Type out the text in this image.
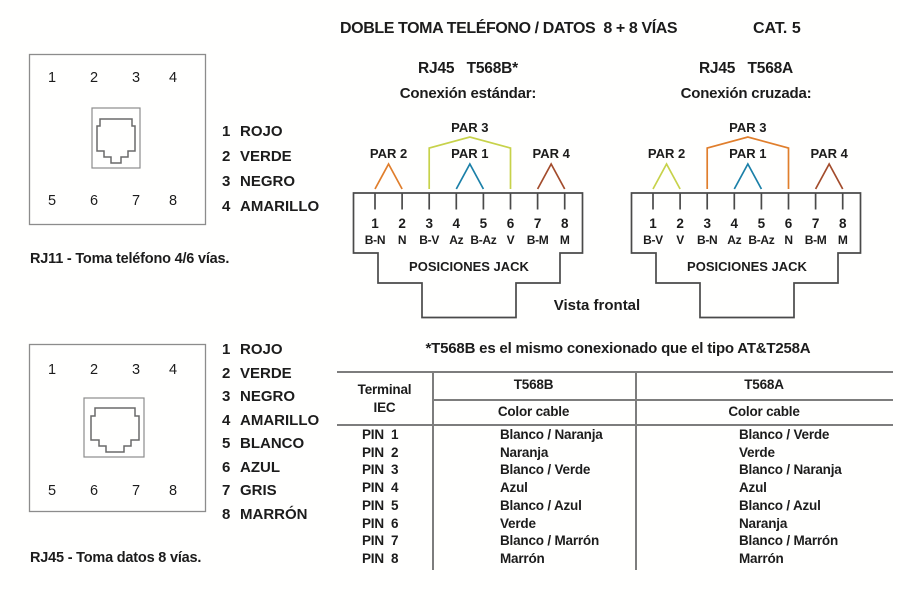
DOBLE TOMA TELÉFONO / DATOS  8 + 8 VÍAS	CAT. 5
1 2 3 4
5 6 7 8
1 ROJO
2 VERDE
3 NEGRO
4 AMARILLO
RJ11 - Toma teléfono 4/6 vías.
1 2 3 4
5 6 7 8
1 ROJO
2 VERDE
3 NEGRO
4 AMARILLO
5 BLANCO
6 AZUL
7 GRIS
8 MARRÓN
RJ45 - Toma datos 8 vías.
RJ45   T568B*
Conexión estándar:
PAR 3
PAR 2	PAR 1	PAR 4
1 2 3 4 5 6 7 8
B-N N B-V Az B-Az V B-M M
POSICIONES JACK
RJ45   T568A
Conexión cruzada:
PAR 3
PAR 2	PAR 1	PAR 4
1 2 3 4 5 6 7 8
B-V V B-N Az B-Az N B-M M
POSICIONES JACK
Vista frontal
*T568B es el mismo conexionado que el tipo AT&T258A
Terminal
IEC
T568B	T568A
Color cable	Color cable
PIN  1	Blanco / Naranja	Blanco / Verde
PIN  2	Naranja	Verde
PIN  3	Blanco / Verde	Blanco / Naranja
PIN  4	Azul	Azul
PIN  5	Blanco / Azul	Blanco / Azul
PIN  6	Verde	Naranja
PIN  7	Blanco / Marrón	Blanco / Marrón
PIN  8	Marrón	Marrón
